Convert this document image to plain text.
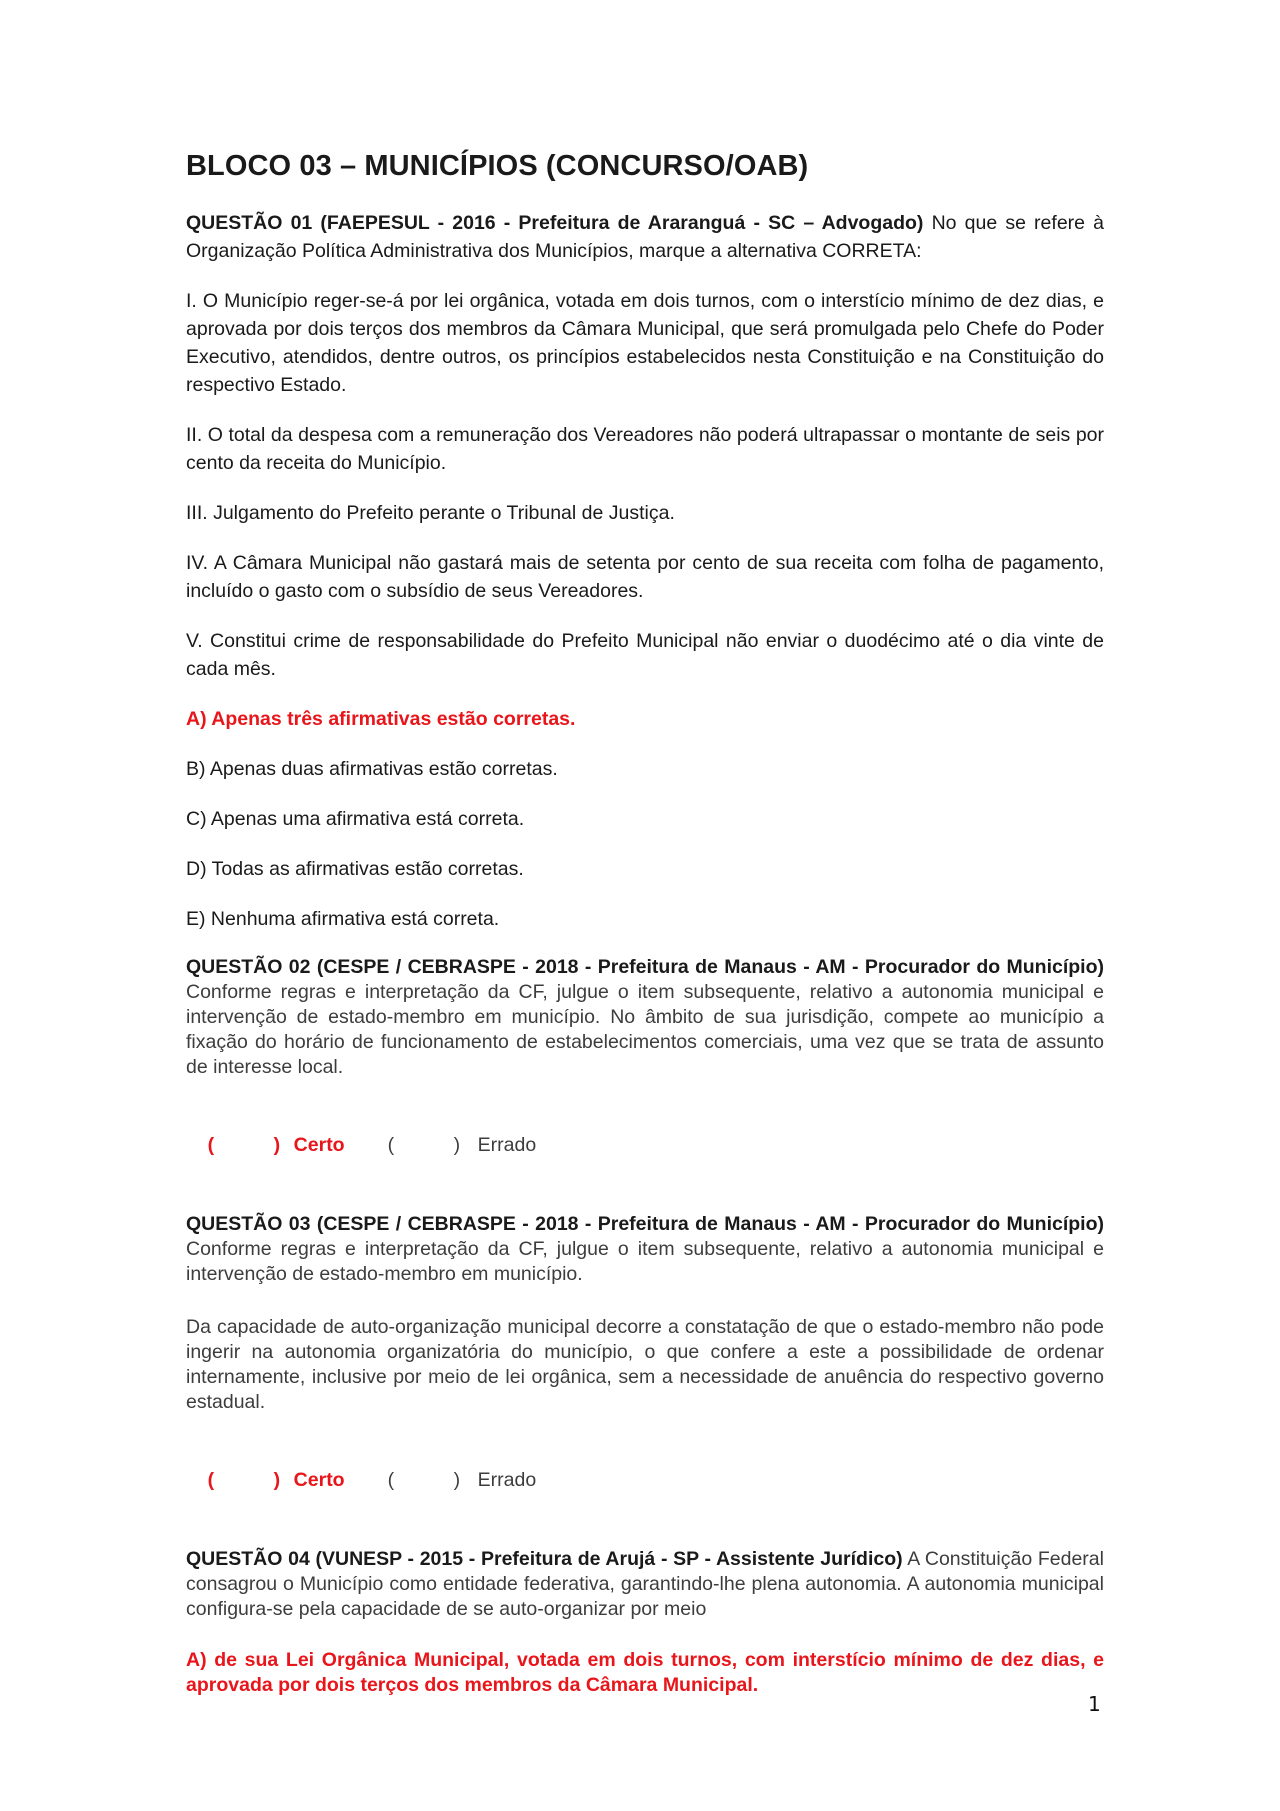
BLOCO 03 – MUNICÍPIOS (CONCURSO/OAB)

QUESTÃO 01 (FAEPESUL - 2016 - Prefeitura de Araranguá - SC – Advogado) No que se refere à Organização Política Administrativa dos Municípios, marque a alternativa CORRETA:

I. O Município reger-se-á por lei orgânica, votada em dois turnos, com o interstício mínimo de dez dias, e aprovada por dois terços dos membros da Câmara Municipal, que será promulgada pelo Chefe do Poder Executivo, atendidos, dentre outros, os princípios estabelecidos nesta Constituição e na Constituição do respectivo Estado.

II. O total da despesa com a remuneração dos Vereadores não poderá ultrapassar o montante de seis por cento da receita do Município.

III. Julgamento do Prefeito perante o Tribunal de Justiça.

IV. A Câmara Municipal não gastará mais de setenta por cento de sua receita com folha de pagamento, incluído o gasto com o subsídio de seus Vereadores.

V. Constitui crime de responsabilidade do Prefeito Municipal não enviar o duodécimo até o dia vinte de cada mês.

A) Apenas três afirmativas estão corretas.

B) Apenas duas afirmativas estão corretas.

C) Apenas uma afirmativa está correta.

D) Todas as afirmativas estão corretas.

E) Nenhuma afirmativa está correta.

QUESTÃO 02 (CESPE / CEBRASPE - 2018 - Prefeitura de Manaus - AM - Procurador do Município) Conforme regras e interpretação da CF, julgue o item subsequente, relativo a autonomia municipal e intervenção de estado-membro em município. No âmbito de sua jurisdição, compete ao município a fixação do horário de funcionamento de estabelecimentos comerciais, uma vez que se trata de assunto de interesse local.

(	) Certo (	) Errado

QUESTÃO 03 (CESPE / CEBRASPE - 2018 - Prefeitura de Manaus - AM - Procurador do Município) Conforme regras e interpretação da CF, julgue o item subsequente, relativo a autonomia municipal e intervenção de estado-membro em município.

Da capacidade de auto-organização municipal decorre a constatação de que o estado-membro não pode ingerir na autonomia organizatória do município, o que confere a este a possibilidade de ordenar internamente, inclusive por meio de lei orgânica, sem a necessidade de anuência do respectivo governo estadual.

(	) Certo (	) Errado

QUESTÃO 04 (VUNESP - 2015 - Prefeitura de Arujá - SP - Assistente Jurídico) A Constituição Federal consagrou o Município como entidade federativa, garantindo-lhe plena autonomia. A autonomia municipal configura-se pela capacidade de se auto-organizar por meio

A) de sua Lei Orgânica Municipal, votada em dois turnos, com interstício mínimo de dez dias, e aprovada por dois terços dos membros da Câmara Municipal.

1
